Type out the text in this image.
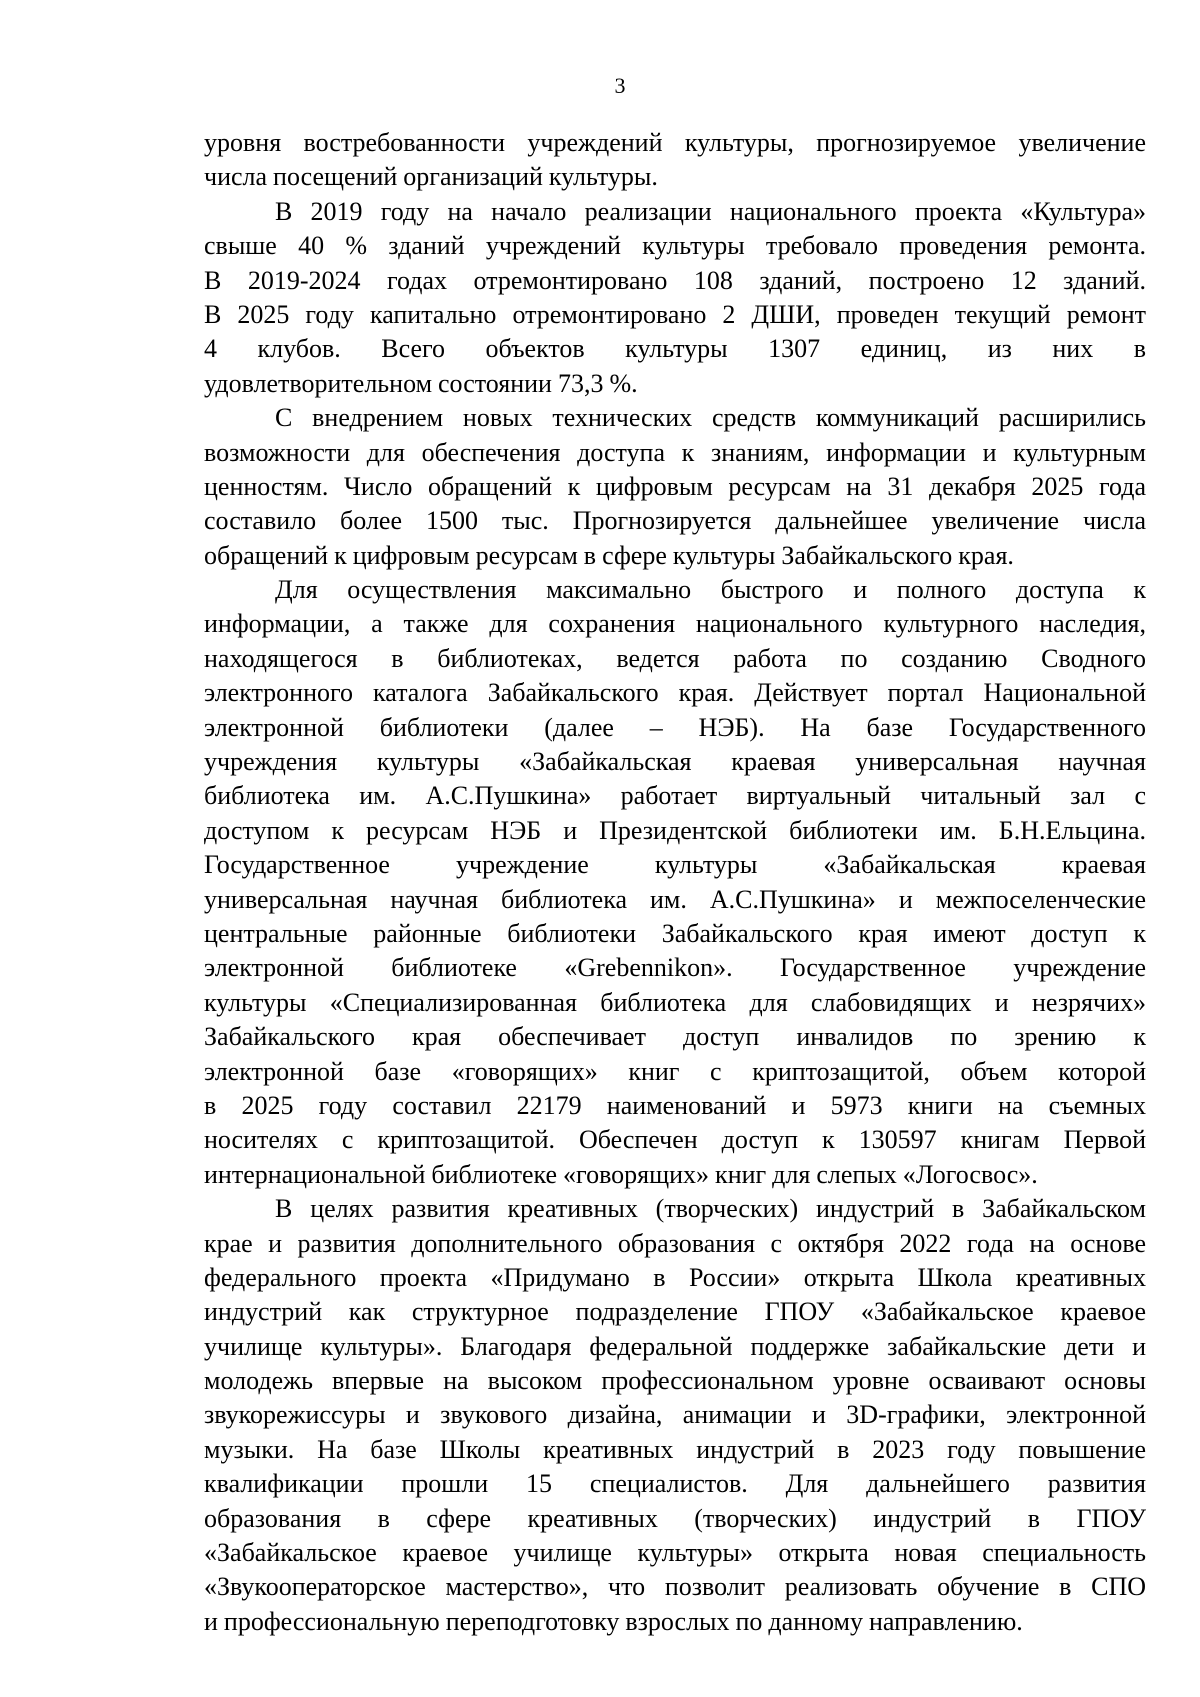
3
уровня востребованности учреждений культуры, прогнозируемое увеличение
числа посещений организаций культуры.
В 2019 году на начало реализации национального проекта «Культура»
свыше 40 % зданий учреждений культуры требовало проведения ремонта.
В 2019-2024 годах отремонтировано 108 зданий, построено 12 зданий.
В 2025 году капитально отремонтировано 2 ДШИ, проведен текущий ремонт
4 клубов. Всего объектов культуры 1307 единиц, из них в
удовлетворительном состоянии 73,3 %.
С внедрением новых технических средств коммуникаций расширились
возможности для обеспечения доступа к знаниям, информации и культурным
ценностям. Число обращений к цифровым ресурсам на 31 декабря 2025 года
составило более 1500 тыс. Прогнозируется дальнейшее увеличение числа
обращений к цифровым ресурсам в сфере культуры Забайкальского края.
Для осуществления максимально быстрого и полного доступа к
информации, а также для сохранения национального культурного наследия,
находящегося в библиотеках, ведется работа по созданию Сводного
электронного каталога Забайкальского края. Действует портал Национальной
электронной библиотеки (далее – НЭБ). На базе Государственного
учреждения культуры «Забайкальская краевая универсальная научная
библиотека им. А.С.Пушкина» работает виртуальный читальный зал с
доступом к ресурсам НЭБ и Президентской библиотеки им. Б.Н.Ельцина.
Государственное учреждение культуры «Забайкальская краевая
универсальная научная библиотека им. А.С.Пушкина» и межпоселенческие
центральные районные библиотеки Забайкальского края имеют доступ к
электронной библиотеке «Grebennikon». Государственное учреждение
культуры «Специализированная библиотека для слабовидящих и незрячих»
Забайкальского края обеспечивает доступ инвалидов по зрению к
электронной базе «говорящих» книг с криптозащитой, объем которой
в 2025 году составил 22179 наименований и 5973 книги на съемных
носителях с криптозащитой. Обеспечен доступ к 130597 книгам Первой
интернациональной библиотеке «говорящих» книг для слепых «Логосвос».
В целях развития креативных (творческих) индустрий в Забайкальском
крае и развития дополнительного образования с октября 2022 года на основе
федерального проекта «Придумано в России» открыта Школа креативных
индустрий как структурное подразделение ГПОУ «Забайкальское краевое
училище культуры». Благодаря федеральной поддержке забайкальские дети и
молодежь впервые на высоком профессиональном уровне осваивают основы
звукорежиссуры и звукового дизайна, анимации и 3D-графики, электронной
музыки. На базе Школы креативных индустрий в 2023 году повышение
квалификации прошли 15 специалистов. Для дальнейшего развития
образования в сфере креативных (творческих) индустрий в ГПОУ
«Забайкальское краевое училище культуры» открыта новая специальность
«Звукооператорское мастерство», что позволит реализовать обучение в СПО
и профессиональную переподготовку взрослых по данному направлению.
